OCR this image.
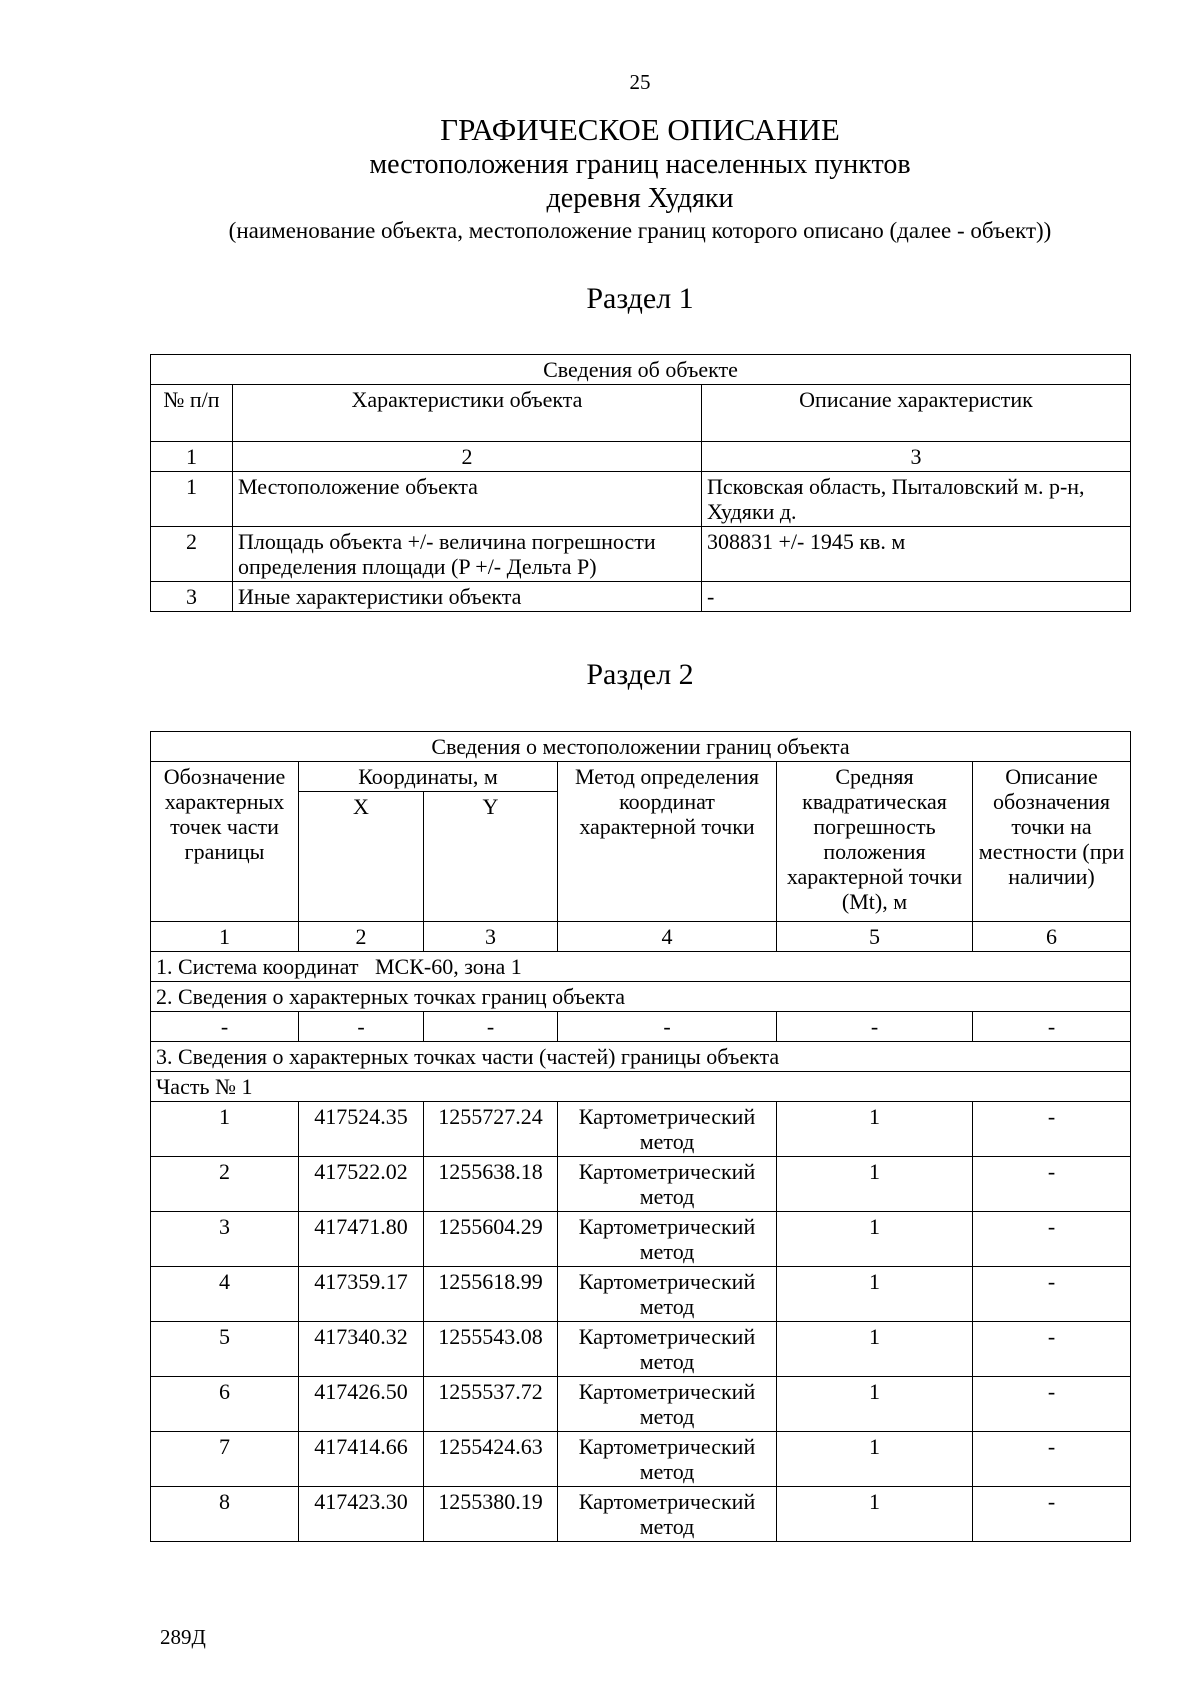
25
ГРАФИЧЕСКОЕ ОПИСАНИЕ
местоположения границ населенных пунктов
деревня Худяки
(наименование объекта, местоположение границ которого описано (далее - объект))
Раздел 1
Сведения об объекте		
№ п/п	Характеристики объекта	Описание характеристик
1	2	3
1	Местоположение объекта	Псковская область, Пыталовский м. р-н, Худяки д.
2	Площадь объекта +/- величина погрешности определения площади (P +/- Дельта P)	308831 +/- 1945 кв. м
3	Иные характеристики объекта	-
Раздел 2
Сведения о местоположении границ объекта					
Обозначение характерных точек части границы	Координаты, м		Метод определения координат характерной точки	Средняя квадратическая погрешность положения характерной точки (Mt), м	Описание обозначения точки на местности (при наличии)
	X	Y			
1	2	3	4	5	6
1. Система координат   МСК-60, зона 1					
2. Сведения о характерных точках границ объекта					
-	-	-	-	-	-
3. Сведения о характерных точках части (частей) границы объекта					
Часть № 1					
1	417524.35	1255727.24	Картометрический метод	1	-
2	417522.02	1255638.18	Картометрический метод	1	-
3	417471.80	1255604.29	Картометрический метод	1	-
4	417359.17	1255618.99	Картометрический метод	1	-
5	417340.32	1255543.08	Картометрический метод	1	-
6	417426.50	1255537.72	Картометрический метод	1	-
7	417414.66	1255424.63	Картометрический метод	1	-
8	417423.30	1255380.19	Картометрический метод	1	-
289Д
